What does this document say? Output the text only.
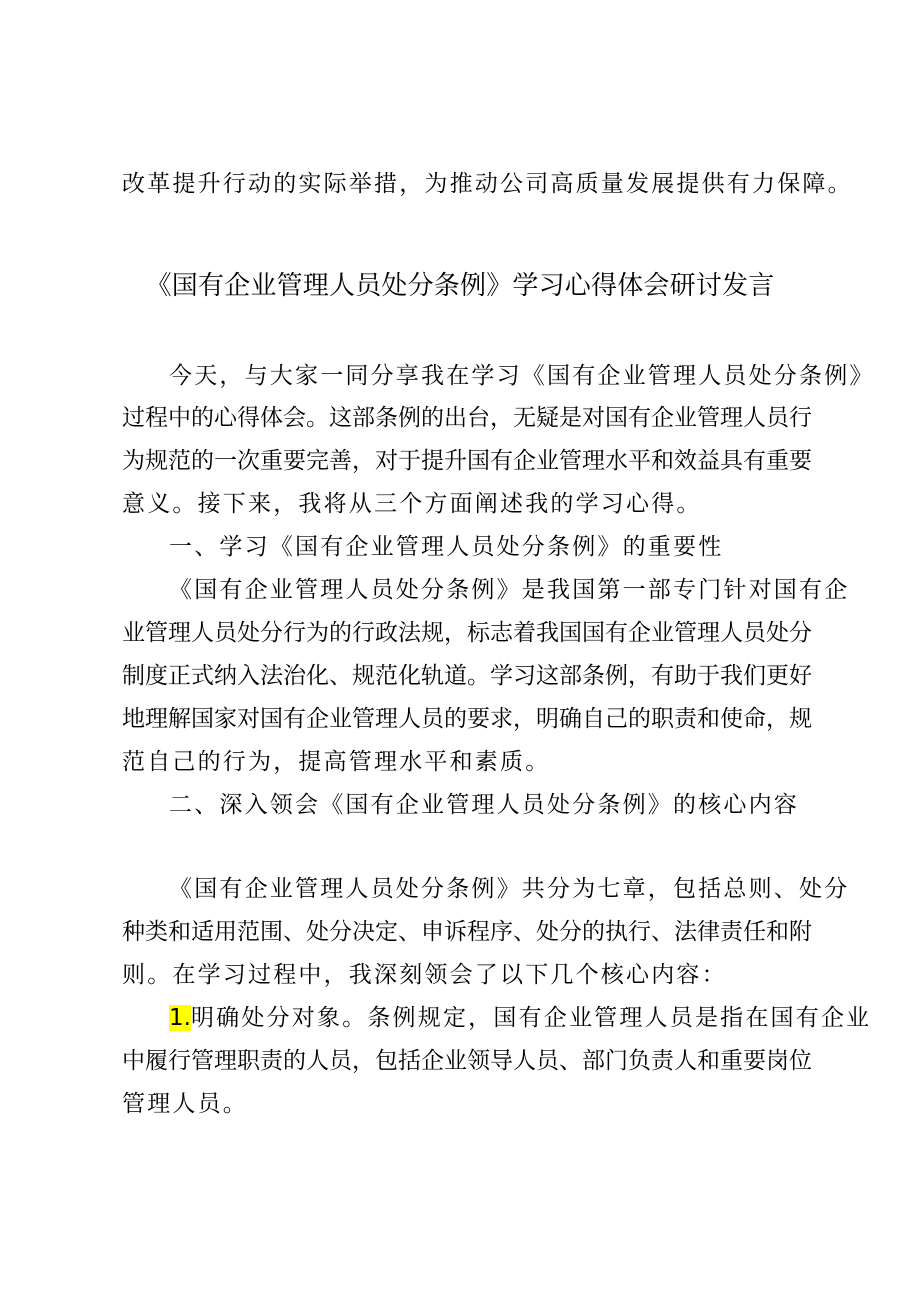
改革提升行动的实际举措，为推动公司高质量发展提供有力保障。
《国有企业管理人员处分条例》学习心得体会研讨发言
今天，与大家一同分享我在学习《国有企业管理人员处分条例》
过程中的心得体会。这部条例的出台，无疑是对国有企业管理人员行
为规范的一次重要完善，对于提升国有企业管理水平和效益具有重要
意义。接下来，我将从三个方面阐述我的学习心得。
一、学习《国有企业管理人员处分条例》的重要性
《国有企业管理人员处分条例》是我国第一部专门针对国有企
业管理人员处分行为的行政法规，标志着我国国有企业管理人员处分
制度正式纳入法治化、规范化轨道。学习这部条例，有助于我们更好
地理解国家对国有企业管理人员的要求，明确自己的职责和使命，规
范自己的行为，提高管理水平和素质。
二、深入领会《国有企业管理人员处分条例》的核心内容
《国有企业管理人员处分条例》共分为七章，包括总则、处分
种类和适用范围、处分决定、申诉程序、处分的执行、法律责任和附
则。在学习过程中，我深刻领会了以下几个核心内容：
1.明确处分对象。条例规定，国有企业管理人员是指在国有企业
中履行管理职责的人员，包括企业领导人员、部门负责人和重要岗位
管理人员。
